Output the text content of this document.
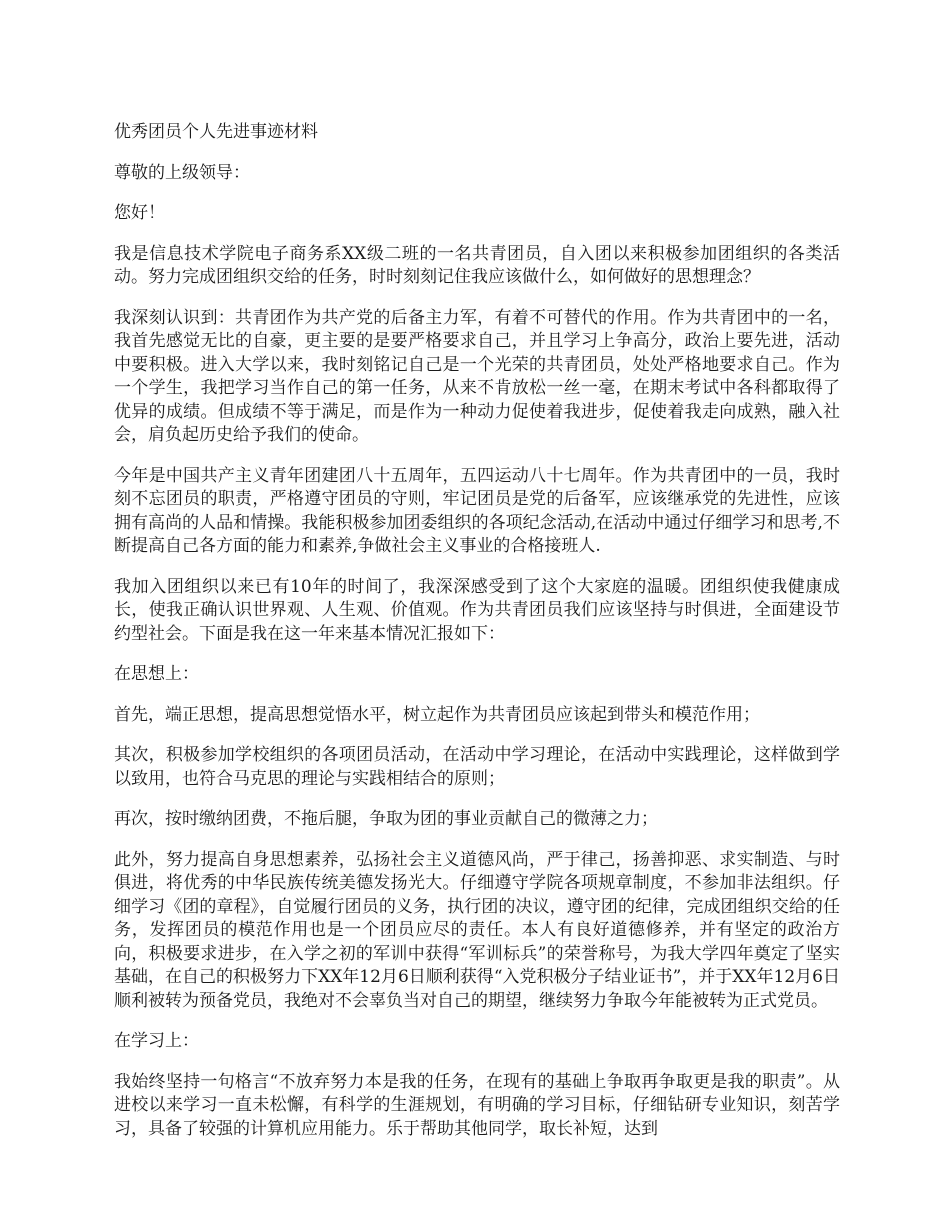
优秀团员个人先进事迹材料

尊敬的上级领导：

您好！

我是信息技术学院电子商务系XX级二班的一名共青团员，自入团以来积极参加团组织的各类活动。努力完成团组织交给的任务，时时刻刻记住我应该做什么，如何做好的思想理念？

我深刻认识到：共青团作为共产党的后备主力军，有着不可替代的作用。作为共青团中的一名，我首先感觉无比的自豪，更主要的是要严格要求自己，并且学习上争高分，政治上要先进，活动中要积极。进入大学以来，我时刻铭记自己是一个光荣的共青团员，处处严格地要求自己。作为一个学生，我把学习当作自己的第一任务，从来不肯放松一丝一毫，在期末考试中各科都取得了优异的成绩。但成绩不等于满足，而是作为一种动力促使着我进步，促使着我走向成熟，融入社会，肩负起历史给予我们的使命。

今年是中国共产主义青年团建团八十五周年，五四运动八十七周年。作为共青团中的一员，我时刻不忘团员的职责，严格遵守团员的守则，牢记团员是党的后备军，应该继承党的先进性，应该拥有高尚的人品和情操。我能积极参加团委组织的各项纪念活动,在活动中通过仔细学习和思考,不断提高自己各方面的能力和素养,争做社会主义事业的合格接班人.

我加入团组织以来已有10年的时间了，我深深感受到了这个大家庭的温暖。团组织使我健康成长，使我正确认识世界观、人生观、价值观。作为共青团员我们应该坚持与时俱进，全面建设节约型社会。下面是我在这一年来基本情况汇报如下：

在思想上：

首先，端正思想，提高思想觉悟水平，树立起作为共青团员应该起到带头和模范作用；

其次，积极参加学校组织的各项团员活动，在活动中学习理论，在活动中实践理论，这样做到学以致用，也符合马克思的理论与实践相结合的原则；

再次，按时缴纳团费，不拖后腿，争取为团的事业贡献自己的微薄之力；

此外，努力提高自身思想素养，弘扬社会主义道德风尚，严于律己，扬善抑恶、求实制造、与时俱进，将优秀的中华民族传统美德发扬光大。仔细遵守学院各项规章制度，不参加非法组织。仔细学习《团的章程》，自觉履行团员的义务，执行团的决议，遵守团的纪律，完成团组织交给的任务，发挥团员的模范作用也是一个团员应尽的责任。本人有良好道德修养，并有坚定的政治方向，积极要求进步，在入学之初的军训中获得“军训标兵”的荣誉称号，为我大学四年奠定了坚实基础，在自己的积极努力下XX年12月6日顺利获得“入党积极分子结业证书”，并于XX年12月6日顺利被转为预备党员，我绝对不会辜负当对自己的期望，继续努力争取今年能被转为正式党员。

在学习上：

我始终坚持一句格言“不放弃努力本是我的任务，在现有的基础上争取再争取更是我的职责”。从进校以来学习一直未松懈，有科学的生涯规划，有明确的学习目标，仔细钻研专业知识，刻苦学习，具备了较强的计算机应用能力。乐于帮助其他同学，取长补短，达到
